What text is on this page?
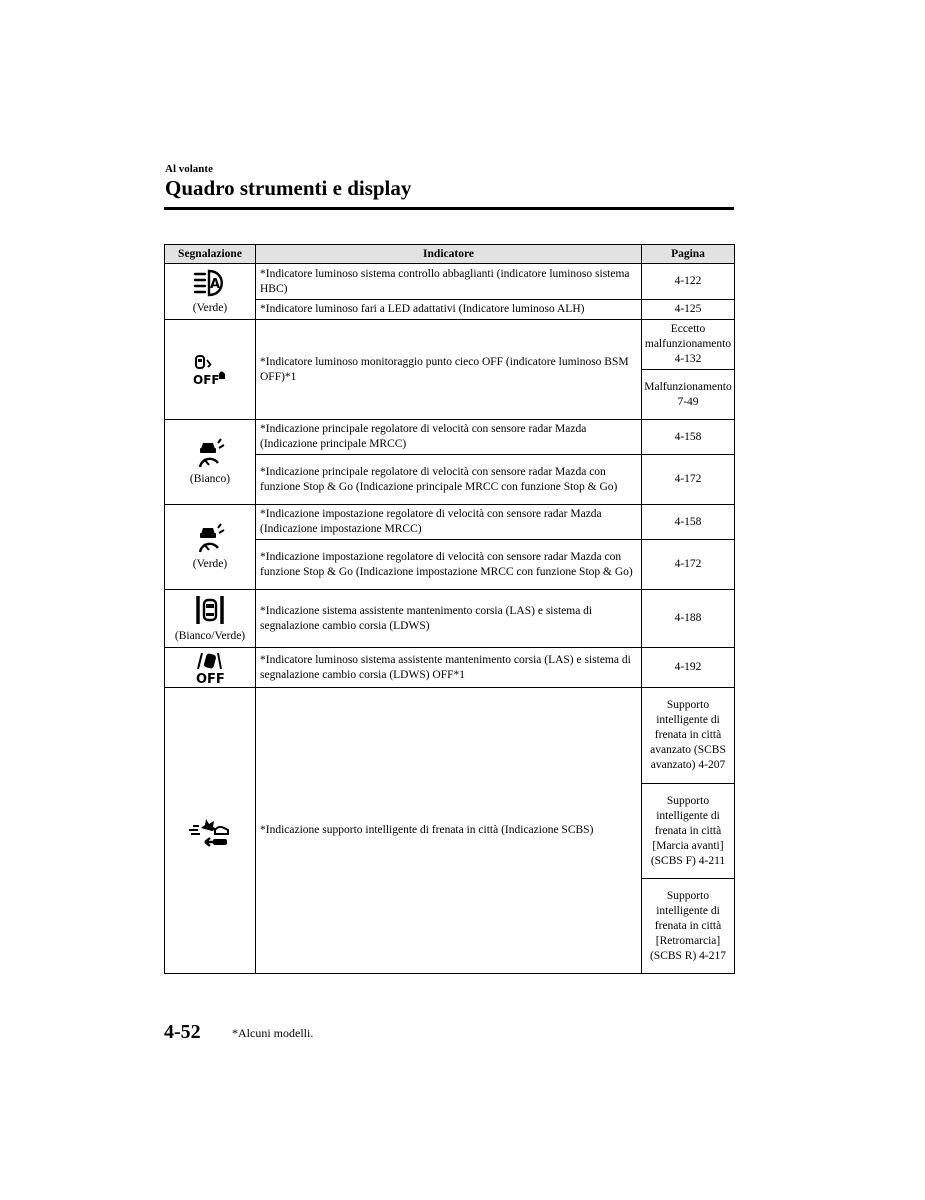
Al volante
Quadro strumenti e display
Segnalazione	Indicatore	Pagina

A
(Verde)	*Indicatore luminoso sistema controllo abbaglianti (indicatore luminoso sistema HBC)	4-122
	*Indicatore luminoso fari a LED adattativi (Indicatore luminoso ALH)	4-125

OFF	*Indicatore luminoso monitoraggio punto cieco OFF (indicatore luminoso BSM OFF)*1	Eccetto malfunzionamento 4-132
		Malfunzionamento 7-49

(Bianco)	*Indicazione principale regolatore di velocità con sensore radar Mazda (Indicazione principale MRCC)	4-158
	*Indicazione principale regolatore di velocità con sensore radar Mazda con funzione Stop & Go (Indicazione principale MRCC con funzione Stop & Go)	4-172

(Verde)	*Indicazione impostazione regolatore di velocità con sensore radar Mazda (Indicazione impostazione MRCC)	4-158
	*Indicazione impostazione regolatore di velocità con sensore radar Mazda con funzione Stop & Go (Indicazione impostazione MRCC con funzione Stop & Go)	4-172

(Bianco/Verde)	*Indicazione sistema assistente mantenimento corsia (LAS) e sistema di segnalazione cambio corsia (LDWS)	4-188

OFF	*Indicatore luminoso sistema assistente mantenimento corsia (LAS) e sistema di segnalazione cambio corsia (LDWS) OFF*1	4-192

	*Indicazione supporto intelligente di frenata in città (Indicazione SCBS)	Supporto intelligente di frenata in città avanzato (SCBS avanzato) 4-207
		Supporto intelligente di frenata in città [Marcia avanti] (SCBS F) 4-211
		Supporto intelligente di frenata in città [Retromarcia] (SCBS R) 4-217
4-52	*Alcuni modelli.
